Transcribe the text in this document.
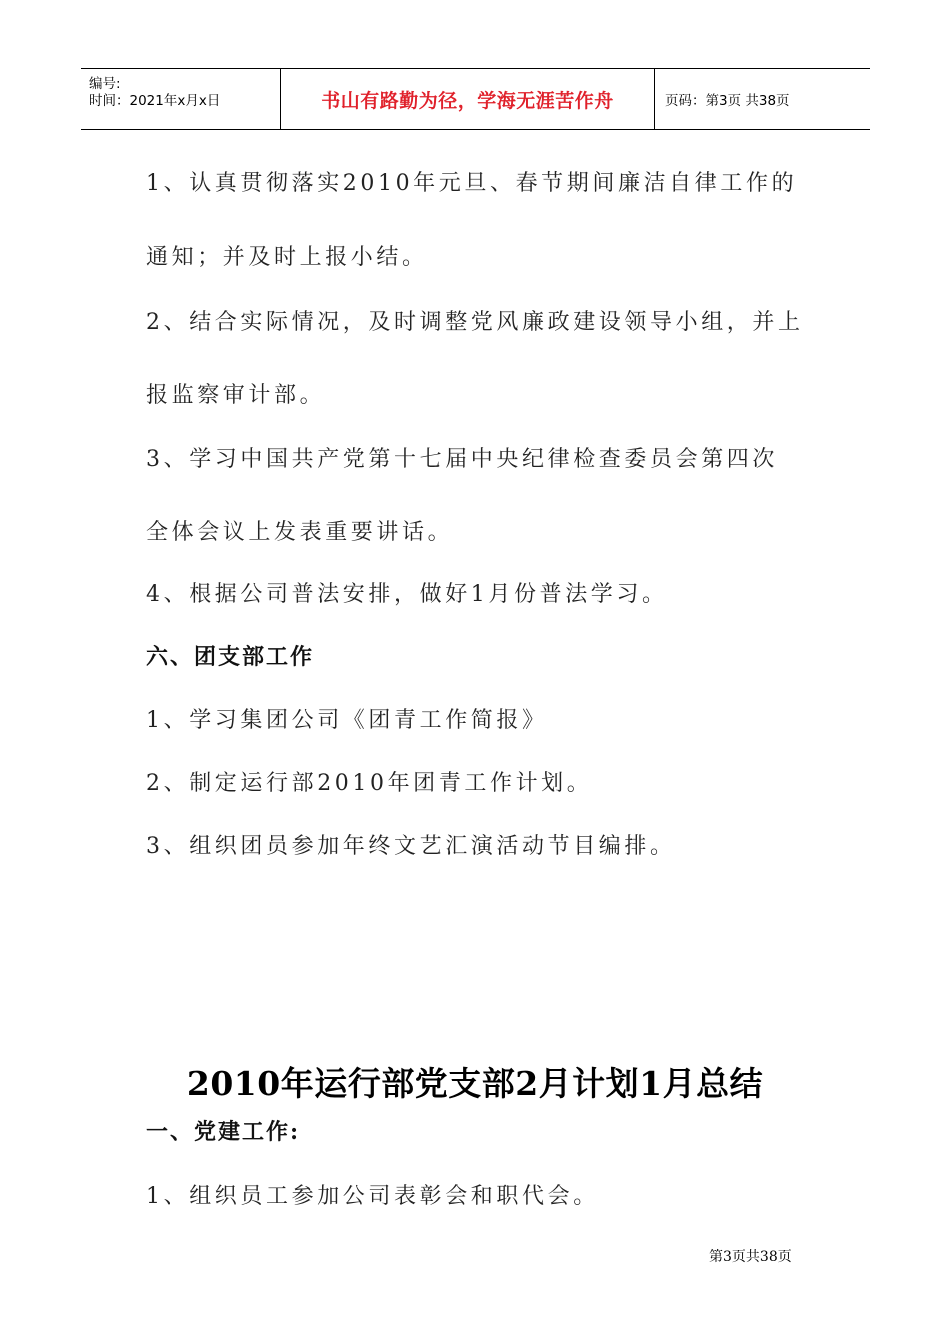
编号:
时间：2021年x月x日	书山有路勤为径，学海无涯苦作舟	页码：第3页 共38页
1、认真贯彻落实2010年元旦、春节期间廉洁自律工作的
通知；并及时上报小结。
2、结合实际情况，及时调整党风廉政建设领导小组，并上
报监察审计部。
3、学习中国共产党第十七届中央纪律检查委员会第四次
全体会议上发表重要讲话。
4、根据公司普法安排，做好1月份普法学习。
六、团支部工作
1、学习集团公司《团青工作简报》
2、制定运行部2010年团青工作计划。
3、组织团员参加年终文艺汇演活动节目编排。
2010年运行部党支部2月计划1月总结
一、党建工作:
1、组织员工参加公司表彰会和职代会。
第3页共38页
